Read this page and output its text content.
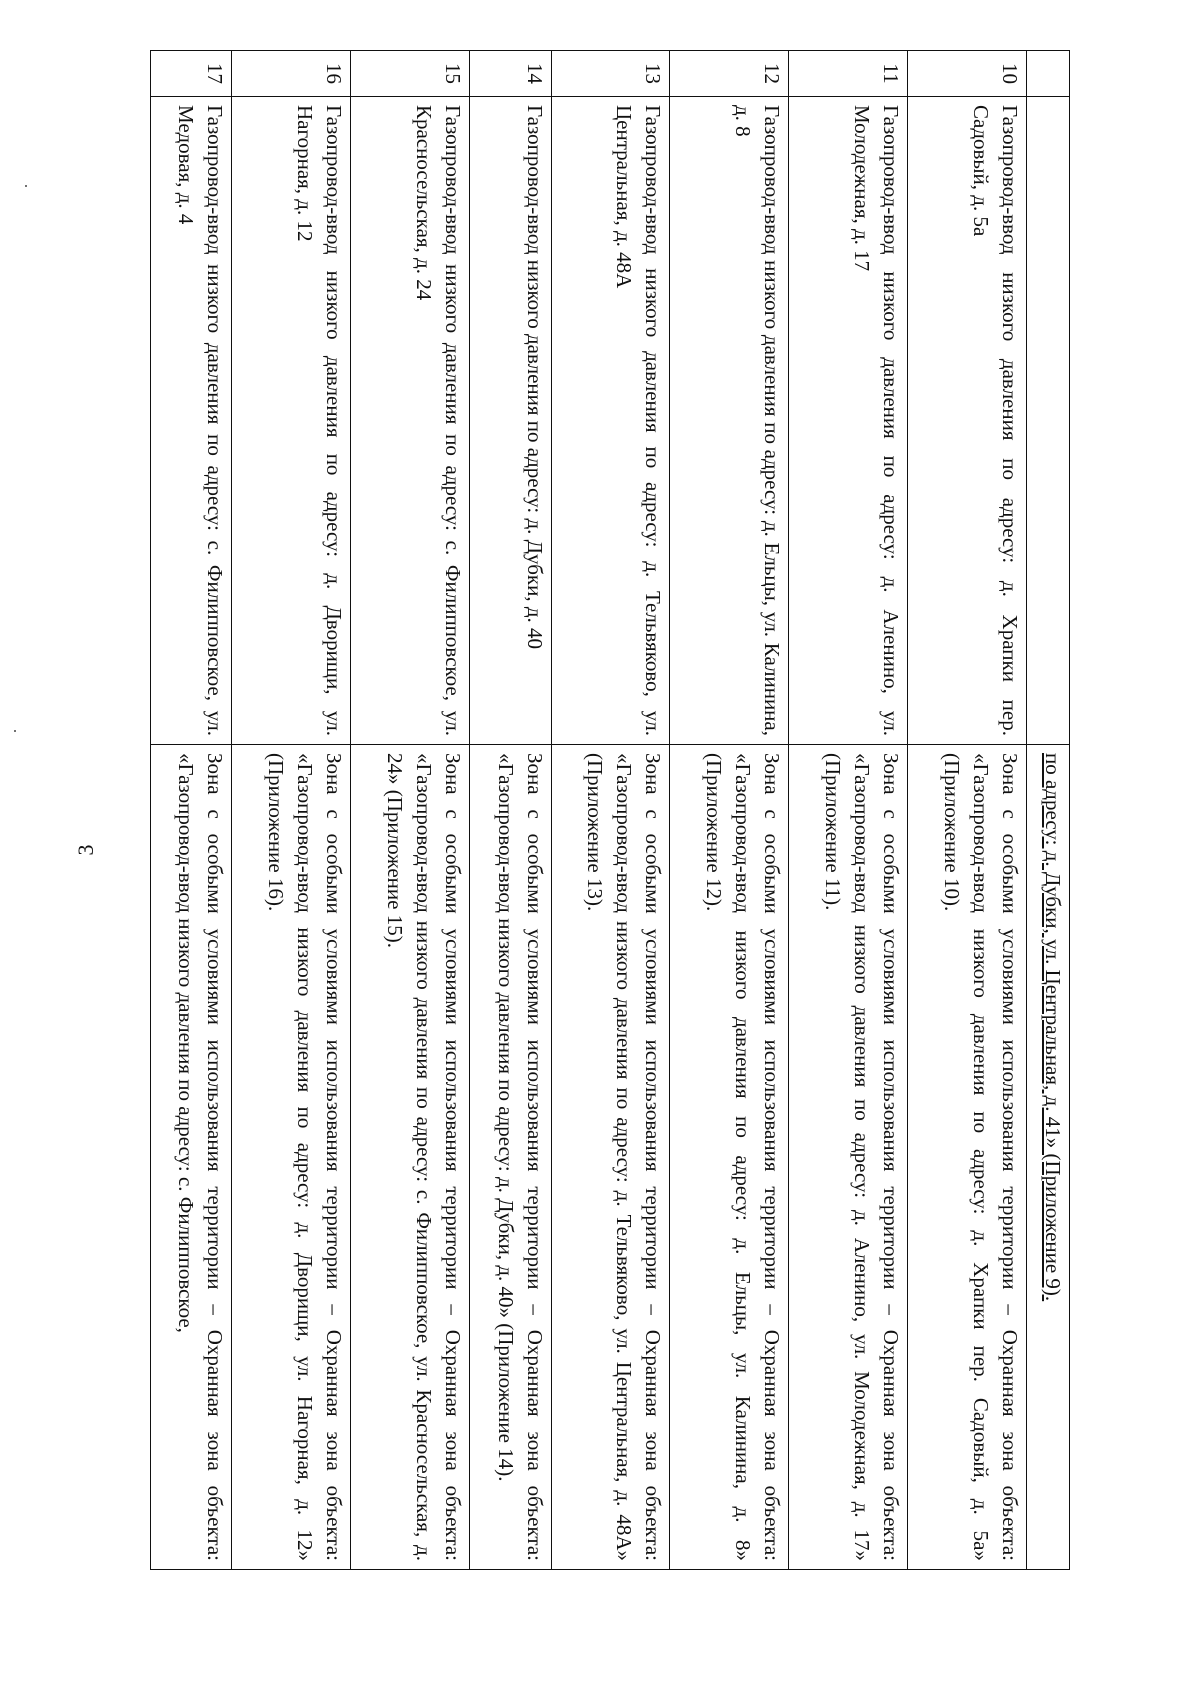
3
			по адресу: д. Дубки, ул. Центральная, д. 41» (Приложение 9).
10	Газопровод-ввод низкого давления по адресу: д. Храпки пер. Садовый, д. 5а	Зона с особыми условиями использования территории – Охранная зона объекта: «Газопровод-ввод низкого давления по адресу: д. Храпки пер. Садовый, д. 5а» (Приложение 10).
11	Газопровод-ввод низкого давления по адресу: д. Аленино, ул. Молодежная, д. 17	Зона с особыми условиями использования территории – Охранная зона объекта: «Газопровод-ввод низкого давления по адресу: д. Аленино, ул. Молодежная, д. 17» (Приложение 11).
12	Газопровод-ввод низкого давления по адресу: д. Ельцы, ул. Калинина, д. 8	Зона с особыми условиями использования территории – Охранная зона объекта: «Газопровод-ввод низкого давления по адресу: д. Ельцы, ул. Калинина, д. 8» (Приложение 12).
13	Газопровод-ввод низкого давления по адресу: д. Тельвяково, ул. Центральная, д. 48А	Зона с особыми условиями использования территории – Охранная зона объекта: «Газопровод-ввод низкого давления по адресу: д. Тельвяково, ул. Центральная, д. 48А» (Приложение 13).
14	Газопровод-ввод низкого давления по адресу: д. Дубки, д. 40	Зона с особыми условиями использования территории – Охранная зона объекта: «Газопровод-ввод низкого давления по адресу: д. Дубки, д. 40» (Приложение 14).
15	Газопровод-ввод низкого давления по адресу: с. Филипповское, ул. Красносельская, д. 24	Зона с особыми условиями использования территории – Охранная зона объекта: «Газопровод-ввод низкого давления по адресу: с. Филипповское, ул. Красносельская, д. 24» (Приложение 15).
16	Газопровод-ввод низкого давления по адресу: д. Дворищи, ул. Нагорная, д. 12	Зона с особыми условиями использования территории – Охранная зона объекта: «Газопровод-ввод низкого давления по адресу: д. Дворищи, ул. Нагорная, д. 12» (Приложение 16).
17	Газопровод-ввод низкого давления по адресу: с. Филипповское, ул. Медовая, д. 4	Зона с особыми условиями использования территории – Охранная зона объекта: «Газопровод-ввод низкого давления по адресу: с. Филипповское,
